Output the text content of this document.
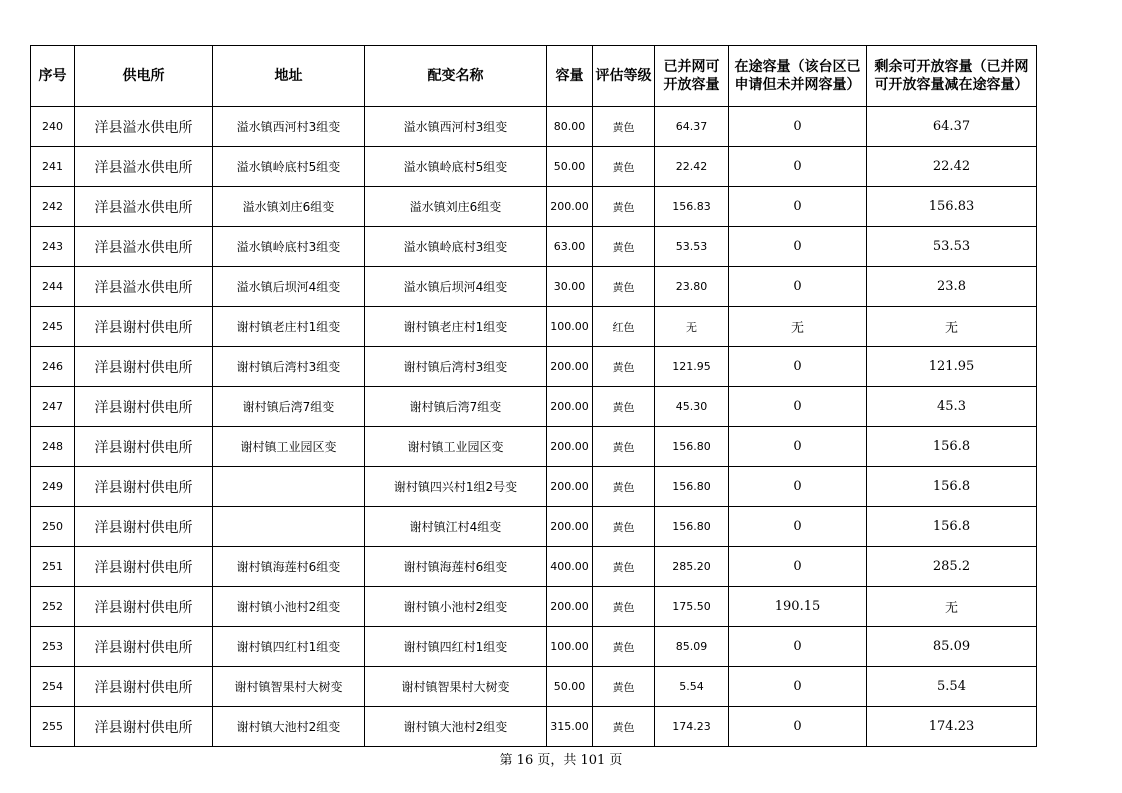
序号	供电所	地址	配变名称	容量	评估等级	已并网可开放容量	在途容量（该台区已申请但未并网容量）	剩余可开放容量（已并网可开放容量减在途容量）
240	洋县溢水供电所	溢水镇西河村3组变	溢水镇西河村3组变	80.00	黄色	64.37	0	64.37
241	洋县溢水供电所	溢水镇岭底村5组变	溢水镇岭底村5组变	50.00	黄色	22.42	0	22.42
242	洋县溢水供电所	溢水镇刘庄6组变	溢水镇刘庄6组变	200.00	黄色	156.83	0	156.83
243	洋县溢水供电所	溢水镇岭底村3组变	溢水镇岭底村3组变	63.00	黄色	53.53	0	53.53
244	洋县溢水供电所	溢水镇后坝河4组变	溢水镇后坝河4组变	30.00	黄色	23.80	0	23.8
245	洋县谢村供电所	谢村镇老庄村1组变	谢村镇老庄村1组变	100.00	红色	无	无	无
246	洋县谢村供电所	谢村镇后湾村3组变	谢村镇后湾村3组变	200.00	黄色	121.95	0	121.95
247	洋县谢村供电所	谢村镇后湾7组变	谢村镇后湾7组变	200.00	黄色	45.30	0	45.3
248	洋县谢村供电所	谢村镇工业园区变	谢村镇工业园区变	200.00	黄色	156.80	0	156.8
249	洋县谢村供电所		谢村镇四兴村1组2号变	200.00	黄色	156.80	0	156.8
250	洋县谢村供电所		谢村镇江村4组变	200.00	黄色	156.80	0	156.8
251	洋县谢村供电所	谢村镇海莲村6组变	谢村镇海莲村6组变	400.00	黄色	285.20	0	285.2
252	洋县谢村供电所	谢村镇小池村2组变	谢村镇小池村2组变	200.00	黄色	175.50	190.15	无
253	洋县谢村供电所	谢村镇四红村1组变	谢村镇四红村1组变	100.00	黄色	85.09	0	85.09
254	洋县谢村供电所	谢村镇智果村大树变	谢村镇智果村大树变	50.00	黄色	5.54	0	5.54
255	洋县谢村供电所	谢村镇大池村2组变	谢村镇大池村2组变	315.00	黄色	174.23	0	174.23
第 16 页，共 101 页
